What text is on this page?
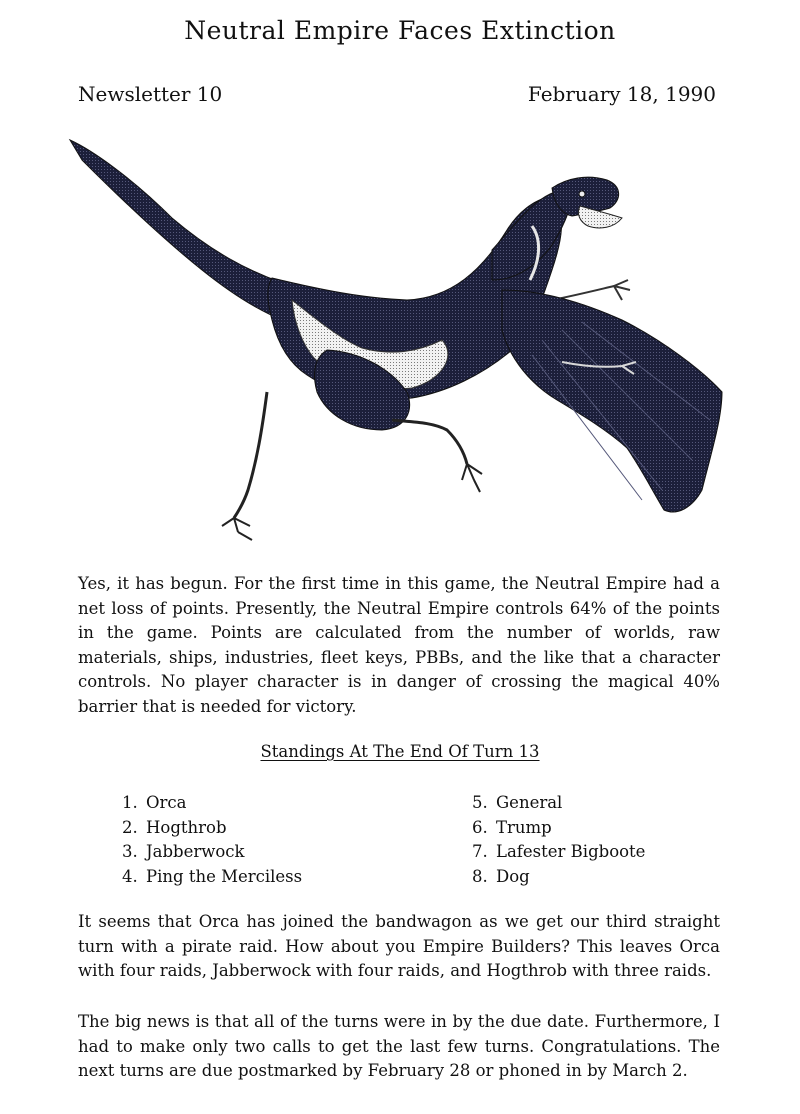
Neutral Empire Faces Extinction
Newsletter 10	February 18, 1990
Yes, it has begun. For the first time in this game, the Neutral Empire had a net loss of points. Presently, the Neutral Empire controls 64% of the points in the game. Points are calculated from the number of worlds, raw materials, ships, industries, fleet keys, PBBs, and the like that a character controls. No player character is in danger of crossing the magical 40% barrier that is needed for victory.
Standings At The End Of Turn 13
1. Orca
2. Hogthrob
3. Jabberwock
4. Ping the Merciless
5. General
6. Trump
7. Lafester Bigboote
8. Dog
It seems that Orca has joined the bandwagon as we get our third straight turn with a pirate raid. How about you Empire Builders? This leaves Orca with four raids, Jabberwock with four raids, and Hogthrob with three raids.
The big news is that all of the turns were in by the due date. Furthermore, I had to make only two calls to get the last few turns. Congratulations. The next turns are due postmarked by February 28 or phoned in by March 2.
